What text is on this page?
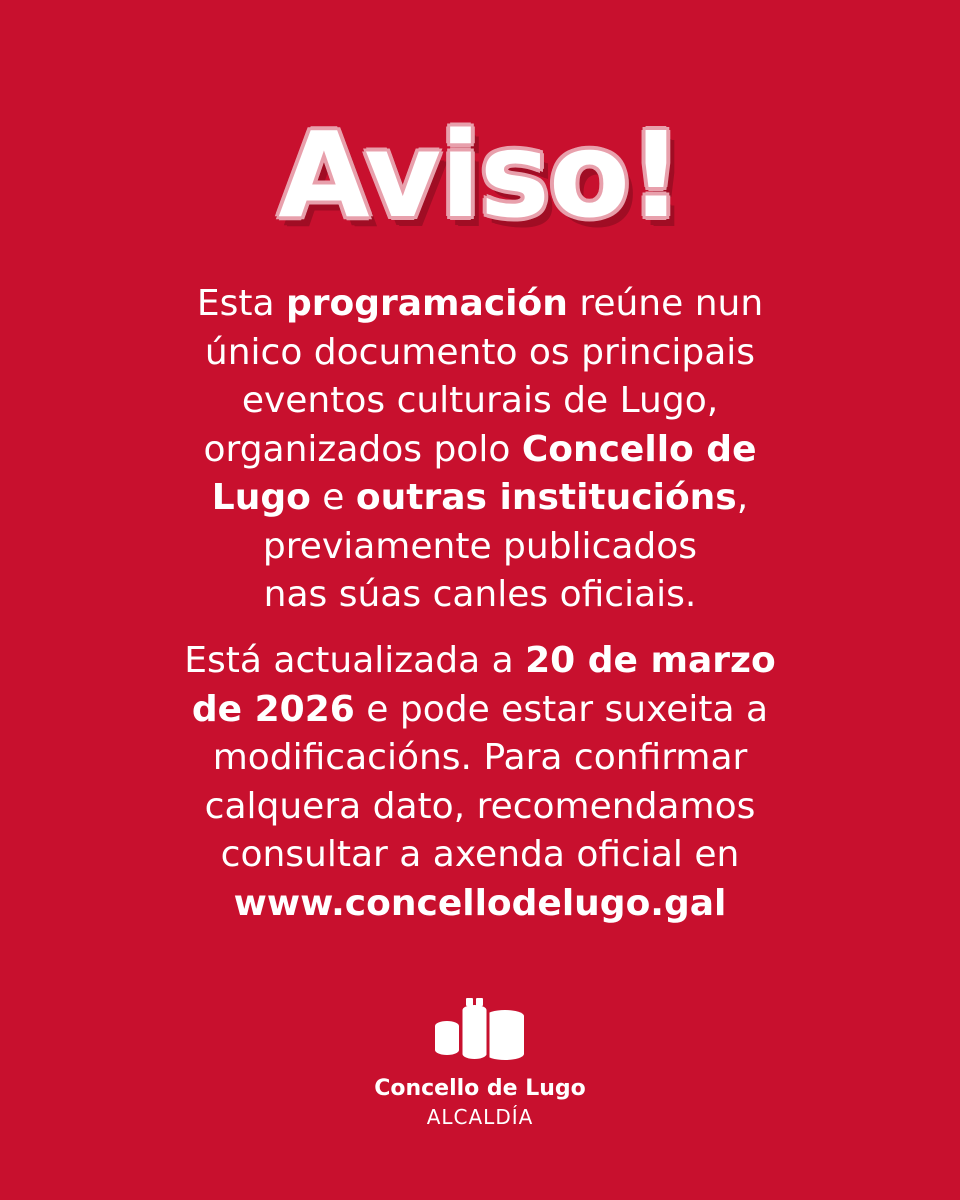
Aviso!
Esta programación reúne nun
único documento os principais
eventos culturais de Lugo,
organizados polo Concello de
Lugo e outras institucións,
previamente publicados
nas súas canles oficiais.
Está actualizada a 20 de marzo
de 2026 e pode estar suxeita a
modificacións. Para confirmar
calquera dato, recomendamos
consultar a axenda oficial en
www.concellodelugo.gal
Concello de Lugo
ALCALDÍA
